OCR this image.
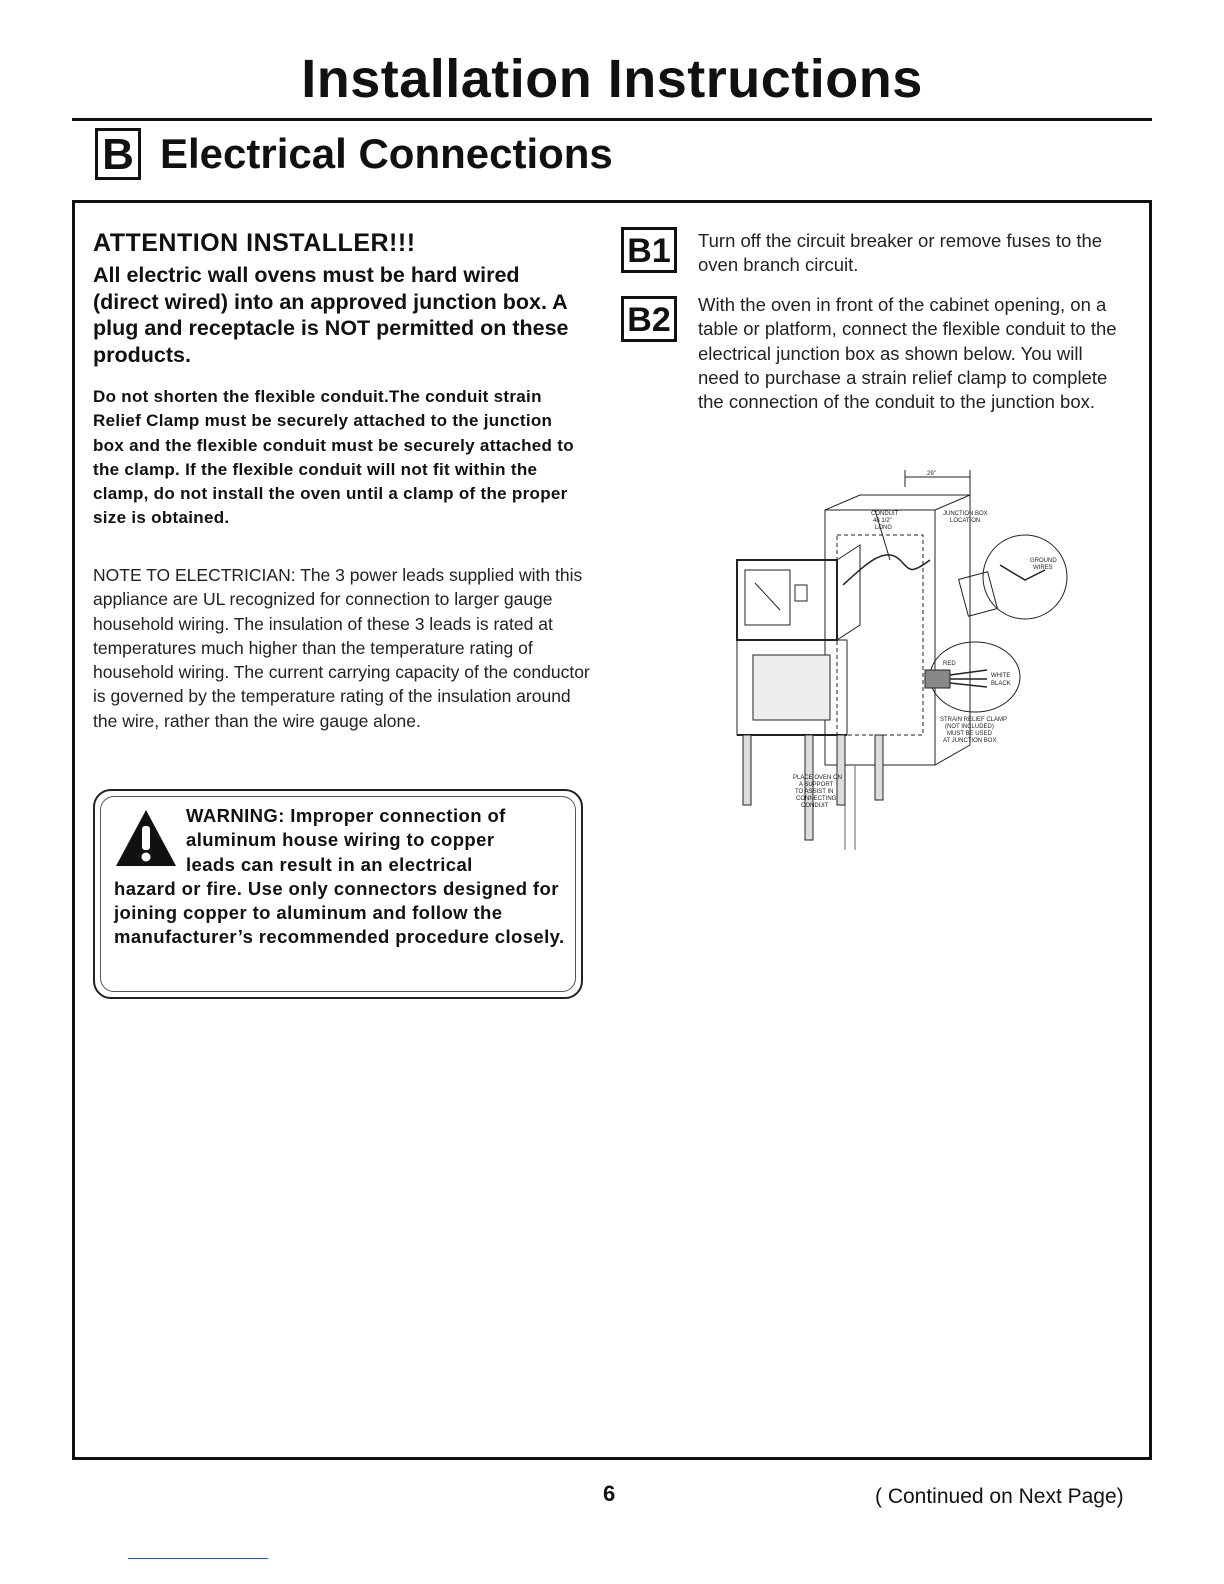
Installation Instructions
B Electrical Connections
ATTENTION INSTALLER!!!
All electric wall ovens must be hard wired (direct wired) into an approved junction box. A plug and receptacle is NOT permitted on these products.
Do not shorten the flexible conduit.The conduit strain Relief Clamp must be securely attached to the junction box and the flexible conduit must be securely attached to the clamp. If the flexible conduit will not fit within the clamp, do not install the oven until a clamp of the proper size is obtained.
NOTE TO ELECTRICIAN: The 3 power leads supplied with this appliance are UL recognized for connection to larger gauge household wiring. The insulation of these 3 leads is rated at temperatures much higher than the temperature rating of household wiring. The current carrying capacity of the conductor is governed by the temperature rating of the insulation around the wire, rather than the wire gauge alone.
WARNING: Improper connection of
aluminum house wiring to copper
leads can result in an electrical
hazard or fire. Use only connectors designed for joining copper to aluminum and follow the manufacturer’s recommended procedure closely.
B1	Turn off the circuit breaker or remove fuses to the oven branch circuit.
B2	With the oven in front of the cabinet opening, on a table or platform, connect the flexible conduit to the electrical junction box as shown below. You will need to purchase a strain relief clamp to complete the connection of the conduit to the junction box.
29"
CONDUIT
48 1/2"
LONG
JUNCTION BOX
LOCATION
GROUND
WIRES
RED
WHITE
BLACK
STRAIN RELIEF CLAMP
(NOT INCLUDED)
MUST BE USED
AT JUNCTION BOX
PLACE OVEN ON
A SUPPORT
TO ASSIST IN
CONNECTING
CONDUIT
6	( Continued on Next Page)
